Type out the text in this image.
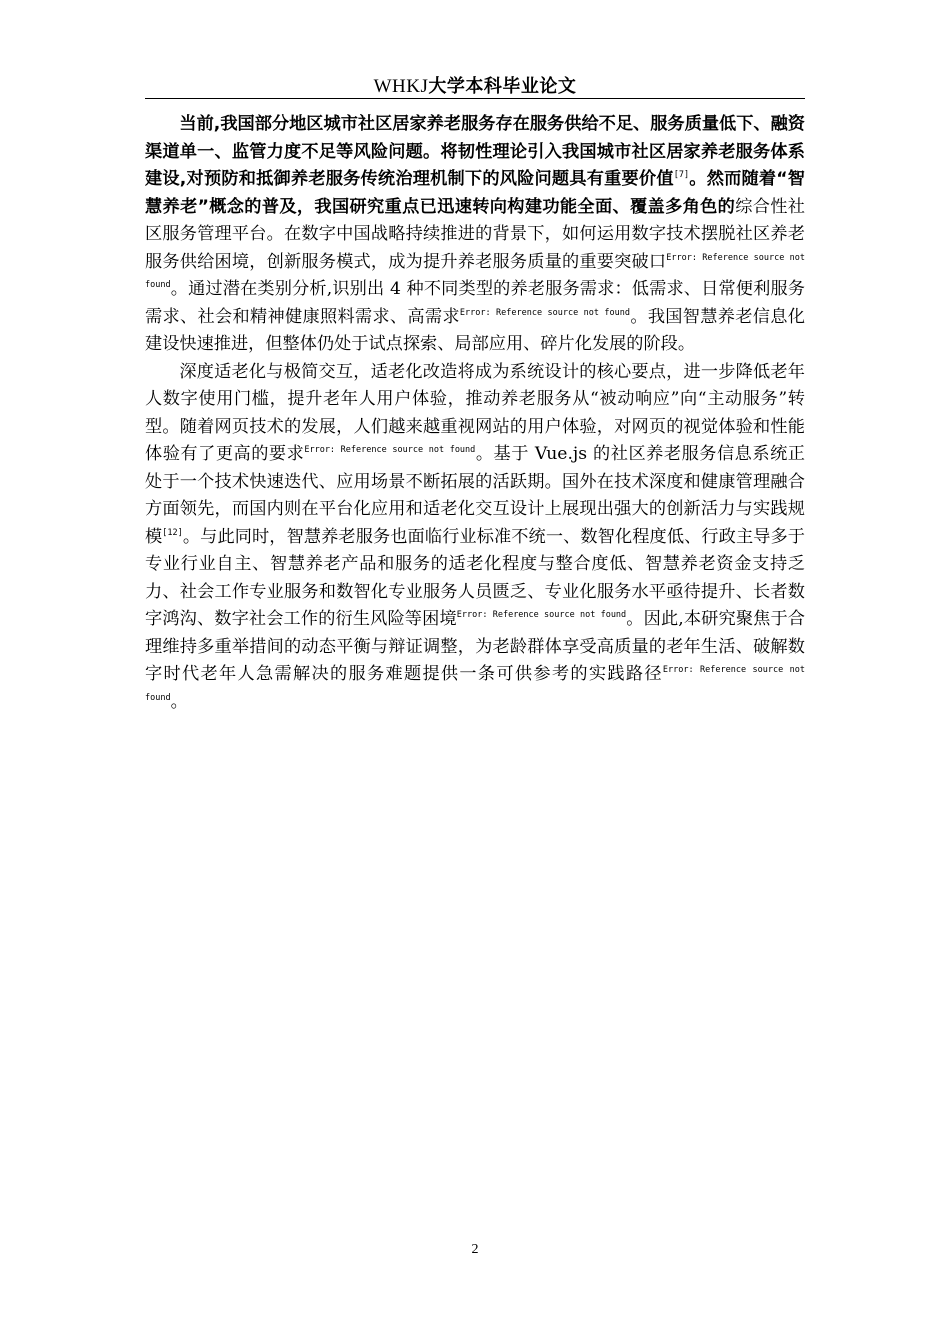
WHKJ大学本科毕业论文

当前,我国部分地区城市社区居家养老服务存在服务供给不足、服务质量低下、融资渠道单一、监管力度不足等风险问题。将韧性理论引入我国城市社区居家养老服务体系建设,对预防和抵御养老服务传统治理机制下的风险问题具有重要价值[7]。然而随着“智慧养老”概念的普及，我国研究重点已迅速转向构建功能全面、覆盖多角色的综合性社区服务管理平台。在数字中国战略持续推进的背景下，如何运用数字技术摆脱社区养老服务供给困境，创新服务模式，成为提升养老服务质量的重要突破口$^{Error: Reference source not found}$。通过潜在类别分析,识别出 4 种不同类型的养老服务需求：低需求、日常便利服务需求、社会和精神健康照料需求、高需求$^{Error: Reference source not found}$。我国智慧养老信息化建设快速推进，但整体仍处于试点探索、局部应用、碎片化发展的阶段。

深度适老化与极简交互，适老化改造将成为系统设计的核心要点，进一步降低老年人数字使用门槛，提升老年人用户体验，推动养老服务从“被动响应”向“主动服务”转型。随着网页技术的发展，人们越来越重视网站的用户体验，对网页的视觉体验和性能体验有了更高的要求$^{Error: Reference source not found}$。基于 Vue.js 的社区养老服务信息系统正处于一个技术快速迭代、应用场景不断拓展的活跃期。国外在技术深度和健康管理融合方面领先，而国内则在平台化应用和适老化交互设计上展现出强大的创新活力与实践规模[12]。与此同时，智慧养老服务也面临行业标准不统一、数智化程度低、行政主导多于专业行业自主、智慧养老产品和服务的适老化程度与整合度低、智慧养老资金支持乏力、社会工作专业服务和数智化专业服务人员匮乏、专业化服务水平亟待提升、长者数字鸿沟、数字社会工作的衍生风险等困境$^{Error: Reference source not found}$。因此,本研究聚焦于合理维持多重举措间的动态平衡与辩证调整，为老龄群体享受高质量的老年生活、破解数字时代老年人急需解决的服务难题提供一条可供参考的实践路径$^{Error: Reference source not found}$。

2
